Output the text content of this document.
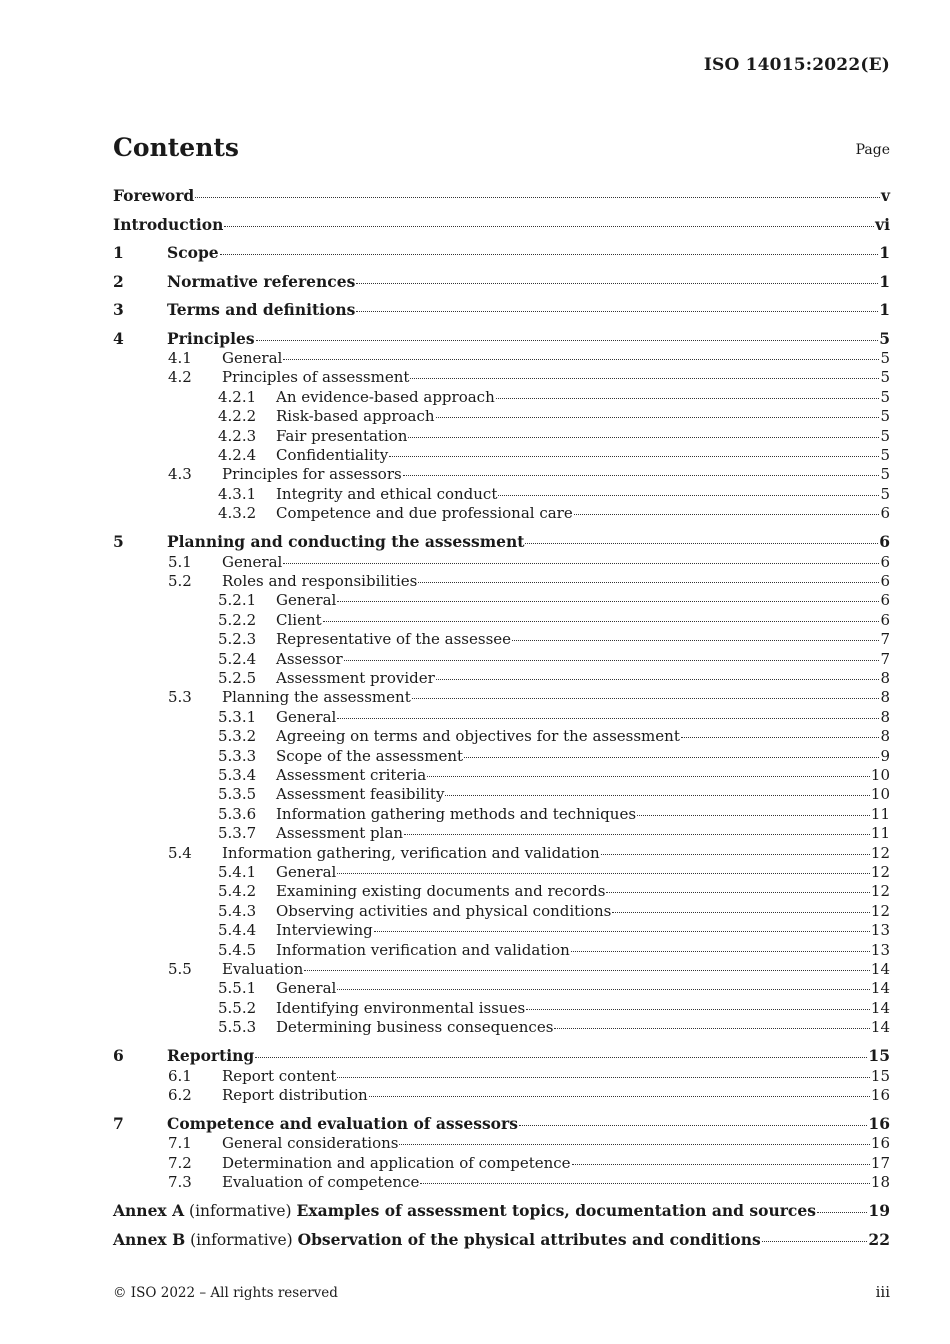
ISO 14015:2022(E)
Contents	Page
Foreword	v
Introduction	vi
1	Scope	1
2	Normative references	1
3	Terms and definitions	1
4	Principles	5
4.1 General	5
4.2 Principles of assessment	5
4.2.1 An evidence-based approach	5
4.2.2 Risk-based approach	5
4.2.3 Fair presentation	5
4.2.4 Confidentiality	5
4.3 Principles for assessors	5
4.3.1 Integrity and ethical conduct	5
4.3.2 Competence and due professional care	6
5	Planning and conducting the assessment	6
5.1 General	6
5.2 Roles and responsibilities	6
5.2.1 General	6
5.2.2 Client	6
5.2.3 Representative of the assessee	7
5.2.4 Assessor	7
5.2.5 Assessment provider	8
5.3 Planning the assessment	8
5.3.1 General	8
5.3.2 Agreeing on terms and objectives for the assessment	8
5.3.3 Scope of the assessment	9
5.3.4 Assessment criteria	10
5.3.5 Assessment feasibility	10
5.3.6 Information gathering methods and techniques	11
5.3.7 Assessment plan	11
5.4 Information gathering, verification and validation	12
5.4.1 General	12
5.4.2 Examining existing documents and records	12
5.4.3 Observing activities and physical conditions	12
5.4.4 Interviewing	13
5.4.5 Information verification and validation	13
5.5 Evaluation	14
5.5.1 General	14
5.5.2 Identifying environmental issues	14
5.5.3 Determining business consequences	14
6	Reporting	15
6.1 Report content	15
6.2 Report distribution	16
7	Competence and evaluation of assessors	16
7.1 General considerations	16
7.2 Determination and application of competence	17
7.3 Evaluation of competence	18
Annex A (informative) Examples of assessment topics, documentation and sources	19
Annex B (informative) Observation of the physical attributes and conditions	22
© ISO 2022 – All rights reserved	iii
